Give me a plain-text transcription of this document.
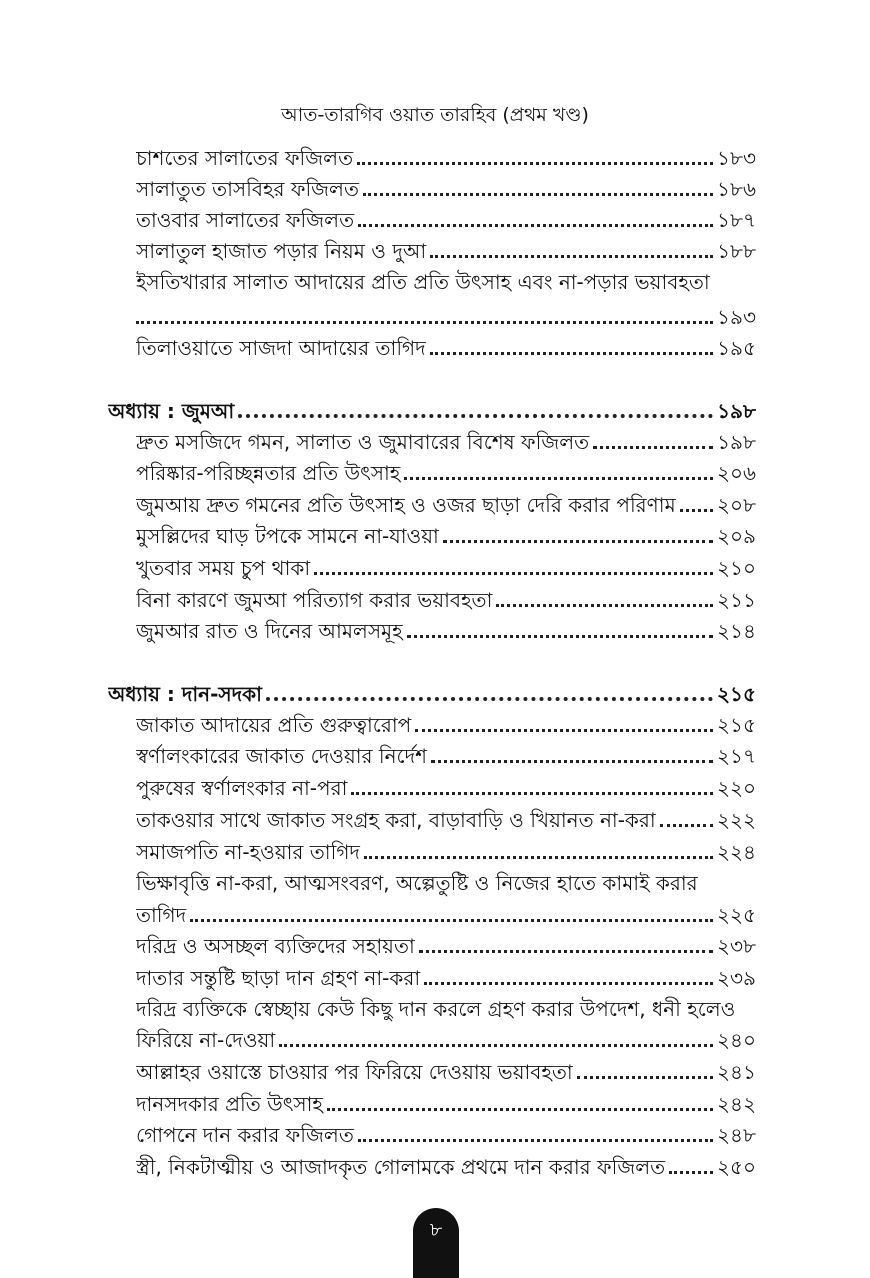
আত-তারগিব ওয়াত তারহিব (প্রথম খণ্ড)
চাশতের সালাতের ফজিলত	১৮৩
সালাতুত তাসবিহর ফজিলত	১৮৬
তাওবার সালাতের ফজিলত	১৮৭
সালাতুল হাজাত পড়ার নিয়ম ও দুআ	১৮৮
ইসতিখারার সালাত আদায়ের প্রতি প্রতি উৎসাহ এবং না-পড়ার ভয়াবহতা
১৯৩
তিলাওয়াতে সাজদা আদায়ের তাগিদ	১৯৫
অধ্যায় : জুমআ	১৯৮
দ্রুত মসজিদে গমন, সালাত ও জুমাবারের বিশেষ ফজিলত	১৯৮
পরিষ্কার-পরিচ্ছন্নতার প্রতি উৎসাহ	২০৬
জুমআয় দ্রুত গমনের প্রতি উৎসাহ ও ওজর ছাড়া দেরি করার পরিণাম ২০৮
মুসল্লিদের ঘাড় টপকে সামনে না-যাওয়া	২০৯
খুতবার সময় চুপ থাকা	২১০
বিনা কারণে জুমআ পরিত্যাগ করার ভয়াবহতা	২১১
জুমআর রাত ও দিনের আমলসমূহ	২১৪
অধ্যায় : দান-সদকা	২১৫
জাকাত আদায়ের প্রতি গুরুত্বারোপ	২১৫
স্বর্ণালংকারের জাকাত দেওয়ার নির্দেশ	২১৭
পুরুষের স্বর্ণালংকার না-পরা	২২০
তাকওয়ার সাথে জাকাত সংগ্রহ করা, বাড়াবাড়ি ও খিয়ানত না-করা	২২২
সমাজপতি না-হওয়ার তাগিদ	২২৪
ভিক্ষাবৃত্তি না-করা, আত্মসংবরণ, অল্পেতুষ্টি ও নিজের হাতে কামাই করার
তাগিদ	২২৫
দরিদ্র ও অসচ্ছল ব্যক্তিদের সহায়তা	২৩৮
দাতার সন্তুষ্টি ছাড়া দান গ্রহণ না-করা	২৩৯
দরিদ্র ব্যক্তিকে স্বেচ্ছায় কেউ কিছু দান করলে গ্রহণ করার উপদেশ, ধনী হলেও
ফিরিয়ে না-দেওয়া	২৪০
আল্লাহর ওয়াস্তে চাওয়ার পর ফিরিয়ে দেওয়ায় ভয়াবহতা	২৪১
দানসদকার প্রতি উৎসাহ	২৪২
গোপনে দান করার ফজিলত	২৪৮
স্ত্রী, নিকটাত্মীয় ও আজাদকৃত গোলামকে প্রথমে দান করার ফজিলত	২৫০
৮
